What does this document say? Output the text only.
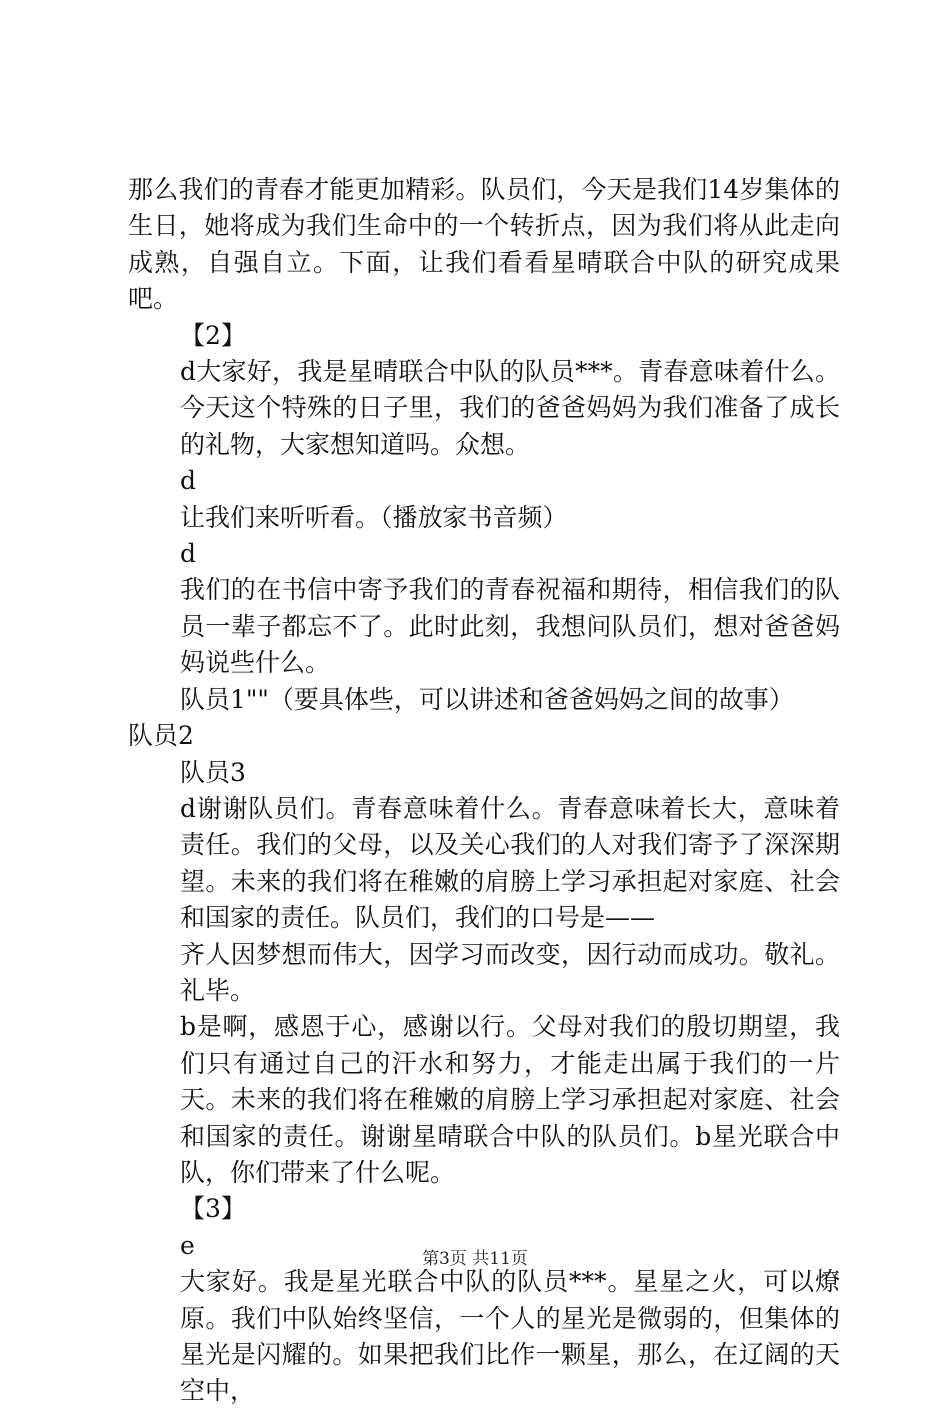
那么我们的青春才能更加精彩。队员们，今天是我们14岁集体的生日，她将成为我们生命中的一个转折点，因为我们将从此走向成熟，自强自立。下面，让我们看看星晴联合中队的研究成果吧。

【2】

d大家好，我是星晴联合中队的队员***。青春意味着什么。今天这个特殊的日子里，我们的爸爸妈妈为我们准备了成长的礼物，大家想知道吗。众想。

d

让我们来听听看。（播放家书音频）

d

我们的在书信中寄予我们的青春祝福和期待，相信我们的队员一辈子都忘不了。此时此刻，我想问队员们，想对爸爸妈妈说些什么。

队员1""（要具体些，可以讲述和爸爸妈妈之间的故事）

队员2

队员3

d谢谢队员们。青春意味着什么。青春意味着长大，意味着责任。我们的父母，以及关心我们的人对我们寄予了深深期望。未来的我们将在稚嫩的肩膀上学习承担起对家庭、社会和国家的责任。队员们，我们的口号是——

齐人因梦想而伟大，因学习而改变，因行动而成功。敬礼。礼毕。

b是啊，感恩于心，感谢以行。父母对我们的殷切期望，我们只有通过自己的汗水和努力，才能走出属于我们的一片天。未来的我们将在稚嫩的肩膀上学习承担起对家庭、社会和国家的责任。谢谢星晴联合中队的队员们。b星光联合中队，你们带来了什么呢。

【3】

e

大家好。我是星光联合中队的队员***。星星之火，可以燎原。我们中队始终坚信，一个人的星光是微弱的，但集体的星光是闪耀的。如果把我们比作一颗星，那么，在辽阔的天空中，

第3页 共11页
